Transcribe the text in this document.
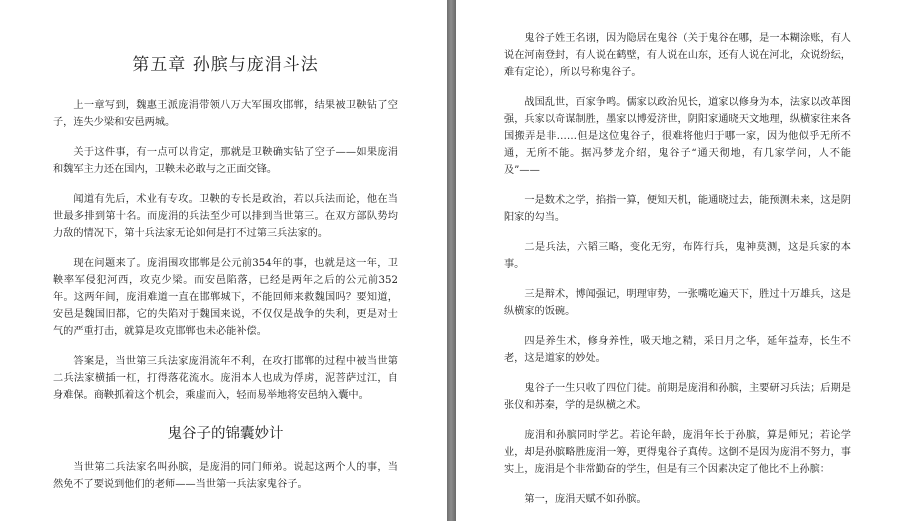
第五章 孙膑与庞涓斗法

上一章写到，魏惠王派庞涓带领八万大军围攻邯郸，结果被卫鞅钻了空子，连失少梁和安邑两城。

关于这件事，有一点可以肯定，那就是卫鞅确实钻了空子——如果庞涓和魏军主力还在国内，卫鞅未必敢与之正面交锋。

闻道有先后，术业有专攻。卫鞅的专长是政治，若以兵法而论，他在当世最多排到第十名。而庞涓的兵法至少可以排到当世第三。在双方部队势均力敌的情况下，第十兵法家无论如何是打不过第三兵法家的。

现在问题来了。庞涓围攻邯郸是公元前354年的事，也就是这一年，卫鞅率军侵犯河西，攻克少梁。而安邑陷落，已经是两年之后的公元前352年。这两年间，庞涓难道一直在邯郸城下，不能回师来救魏国吗？要知道，安邑是魏国旧都，它的失陷对于魏国来说，不仅仅是战争的失利，更是对士气的严重打击，就算是攻克邯郸也未必能补偿。

答案是，当世第三兵法家庞涓流年不利，在攻打邯郸的过程中被当世第二兵法家横插一杠，打得落花流水。庞涓本人也成为俘虏，泥菩萨过江，自身难保。商鞅抓着这个机会，乘虚而入，轻而易举地将安邑纳入囊中。

鬼谷子的锦囊妙计

当世第二兵法家名叫孙膑，是庞涓的同门师弟。说起这两个人的事，当然免不了要说到他们的老师——当世第一兵法家鬼谷子。

鬼谷子姓王名诩，因为隐居在鬼谷（关于鬼谷在哪，是一本糊涂账，有人说在河南登封，有人说在鹤壁，有人说在山东，还有人说在河北，众说纷纭，难有定论），所以号称鬼谷子。

战国乱世，百家争鸣。儒家以政治见长，道家以修身为本，法家以改革图强，兵家以奇谋制胜，墨家以博爱济世，阴阳家通晓天文地理，纵横家往来各国搬弄是非……但是这位鬼谷子，很难将他归于哪一家，因为他似乎无所不通，无所不能。据冯梦龙介绍，鬼谷子“通天彻地，有几家学问，人不能及”——

一是数术之学，掐指一算，便知天机，能通晓过去，能预测未来，这是阴阳家的勾当。

二是兵法，六韬三略，变化无穷，布阵行兵，鬼神莫测，这是兵家的本事。

三是辩术，博闻强记，明理审势，一张嘴吃遍天下，胜过十万雄兵，这是纵横家的饭碗。

四是养生术，修身养性，吸天地之精，采日月之华，延年益寿，长生不老，这是道家的妙处。

鬼谷子一生只收了四位门徒。前期是庞涓和孙膑，主要研习兵法；后期是张仪和苏秦，学的是纵横之术。

庞涓和孙膑同时学艺。若论年龄，庞涓年长于孙膑，算是师兄；若论学业，却是孙膑略胜庞涓一筹，更得鬼谷子真传。这倒不是因为庞涓不努力，事实上，庞涓是个非常勤奋的学生，但是有三个因素决定了他比不上孙膑：

第一，庞涓天赋不如孙膑。
